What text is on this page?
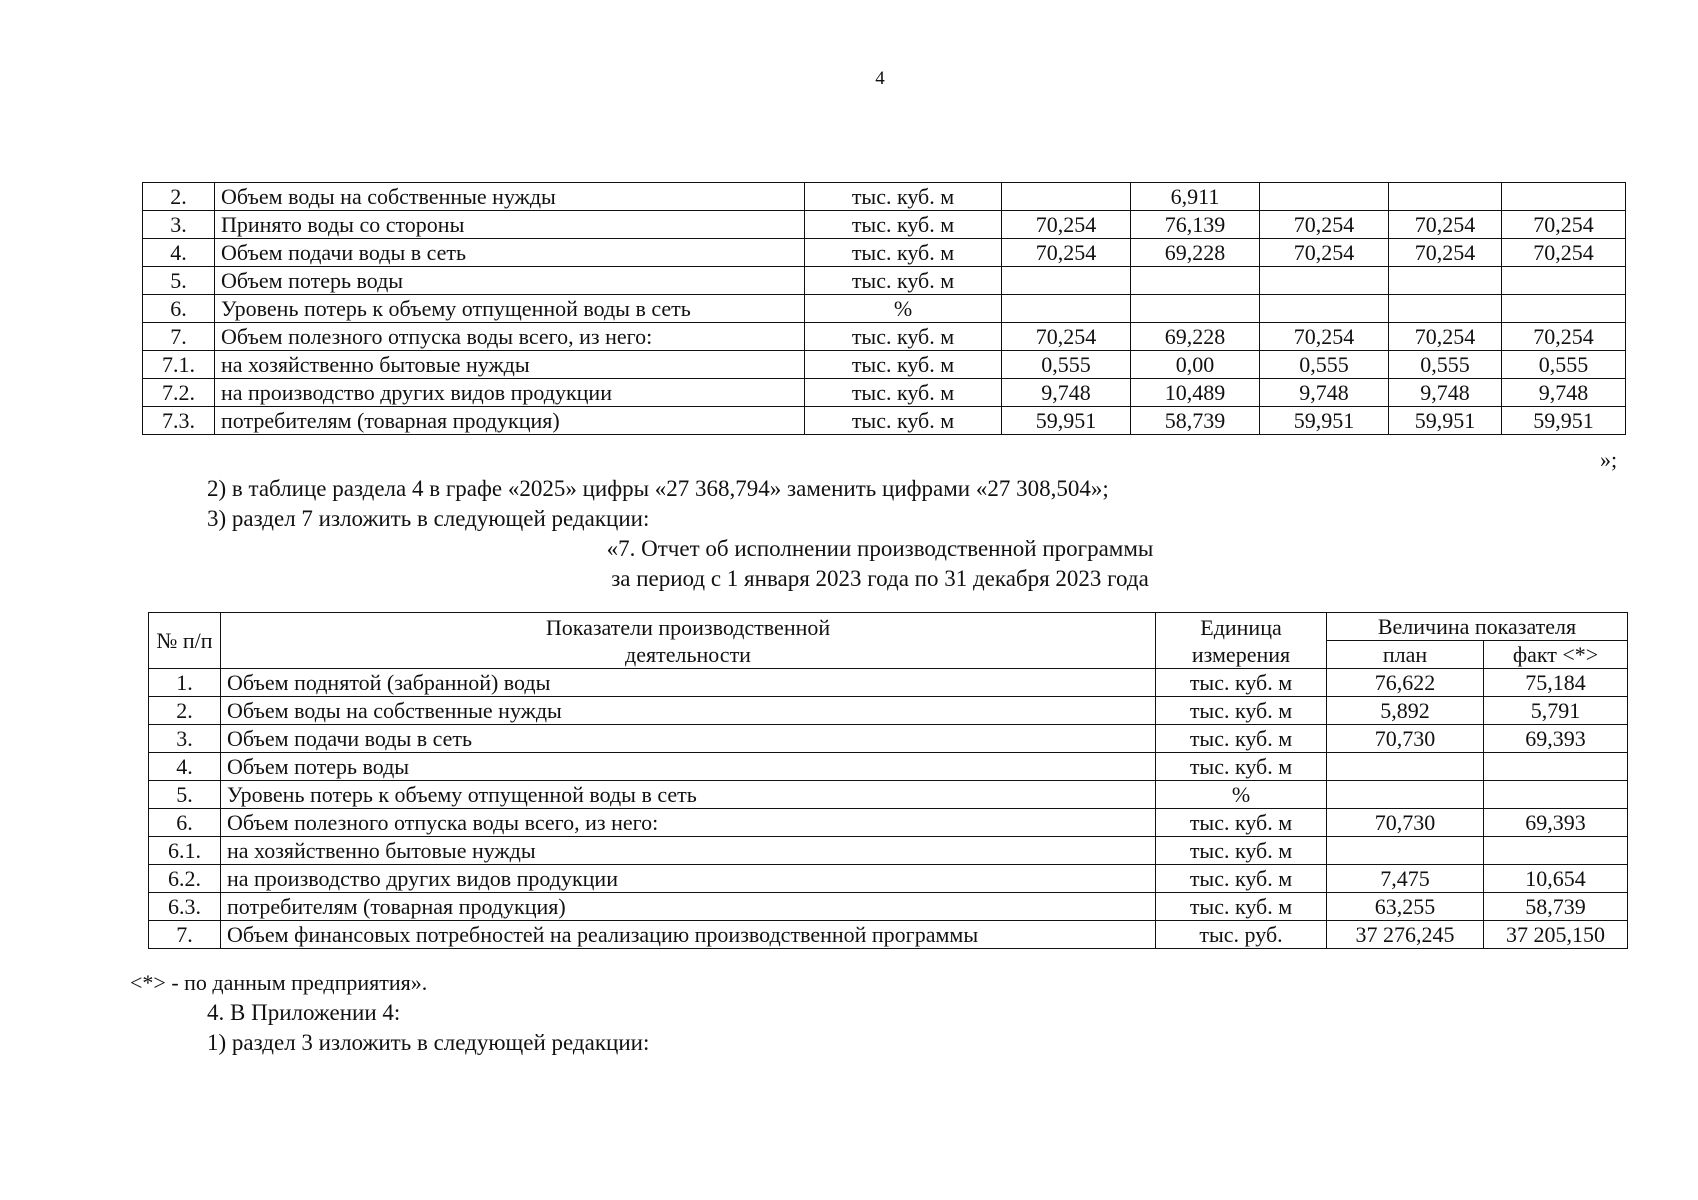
4
2.	Объем воды на собственные нужды	тыс. куб. м		6,911			
3.	Принято воды со стороны	тыс. куб. м	70,254	76,139	70,254	70,254	70,254
4.	Объем подачи воды в сеть	тыс. куб. м	70,254	69,228	70,254	70,254	70,254
5.	Объем потерь воды	тыс. куб. м					
6.	Уровень потерь к объему отпущенной воды в сеть	%					
7.	Объем полезного отпуска воды всего, из него:	тыс. куб. м	70,254	69,228	70,254	70,254	70,254
7.1.	на хозяйственно бытовые нужды	тыс. куб. м	0,555	0,00	0,555	0,555	0,555
7.2.	на производство других видов продукции	тыс. куб. м	9,748	10,489	9,748	9,748	9,748
7.3.	потребителям (товарная продукция)	тыс. куб. м	59,951	58,739	59,951	59,951	59,951
»;
2) в таблице раздела 4 в графе «2025» цифры «27 368,794» заменить цифрами «27 308,504»;
3) раздел 7 изложить в следующей редакции:
«7. Отчет об исполнении производственной программы
за период с 1 января 2023 года по 31 декабря 2023 года
№ п/п	Показатели производственной деятельности	Единица измерения	Величина показателя	
			план	факт <*>
1.	Объем поднятой (забранной) воды	тыс. куб. м	76,622	75,184
2.	Объем воды на собственные нужды	тыс. куб. м	5,892	5,791
3.	Объем подачи воды в сеть	тыс. куб. м	70,730	69,393
4.	Объем потерь воды	тыс. куб. м		
5.	Уровень потерь к объему отпущенной воды в сеть	%		
6.	Объем полезного отпуска воды всего, из него:	тыс. куб. м	70,730	69,393
6.1.	на хозяйственно бытовые нужды	тыс. куб. м		
6.2.	на производство других видов продукции	тыс. куб. м	7,475	10,654
6.3.	потребителям (товарная продукция)	тыс. куб. м	63,255	58,739
7.	Объем финансовых потребностей на реализацию производственной программы	тыс. руб.	37 276,245	37 205,150
<*> - по данным предприятия».
4. В Приложении 4:
1) раздел 3 изложить в следующей редакции:
